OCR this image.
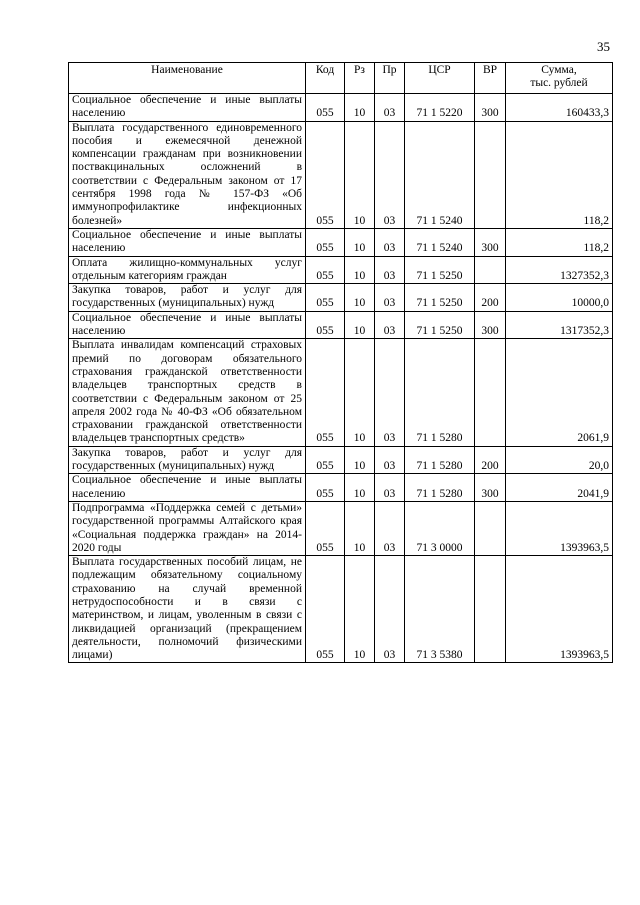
35
Наименование	Код	Рз	Пр	ЦСР	ВР	Сумма,
тыс. рублей
Социальное обеспечение и иные выплаты населению	055	10	03	71 1 5220	300	160433,3
Выплата государственного единовременного пособия и ежемесячной денежной компенсации гражданам при возникновении поствакцинальных осложнений в соответствии с Федеральным законом от 17 сентября 1998 года № 157-ФЗ «Об иммунопрофилактике инфекционных болезней»	055	10	03	71 1 5240		118,2
Социальное обеспечение и иные выплаты населению	055	10	03	71 1 5240	300	118,2
Оплата жилищно-коммунальных услуг отдельным категориям граждан	055	10	03	71 1 5250		1327352,3
Закупка товаров, работ и услуг для государственных (муниципальных) нужд	055	10	03	71 1 5250	200	10000,0
Социальное обеспечение и иные выплаты населению	055	10	03	71 1 5250	300	1317352,3
Выплата инвалидам компенсаций страховых премий по договорам обязательного страхования гражданской ответственности владельцев транспортных средств в соответствии с Федеральным законом от 25 апреля 2002 года № 40-ФЗ «Об обязательном страховании гражданской ответственности владельцев транспортных средств»	055	10	03	71 1 5280		2061,9
Закупка товаров, работ и услуг для государственных (муниципальных) нужд	055	10	03	71 1 5280	200	20,0
Социальное обеспечение и иные выплаты населению	055	10	03	71 1 5280	300	2041,9
Подпрограмма «Поддержка семей с детьми» государственной программы Алтайского края «Социальная поддержка граждан» на 2014-2020 годы	055	10	03	71 3 0000		1393963,5
Выплата государственных пособий лицам, не подлежащим обязательному социальному страхованию на случай временной нетрудоспособности и в связи с материнством, и лицам, уволенным в связи с ликвидацией организаций (прекращением деятельности, полномочий физическими лицами)	055	10	03	71 3 5380		1393963,5
